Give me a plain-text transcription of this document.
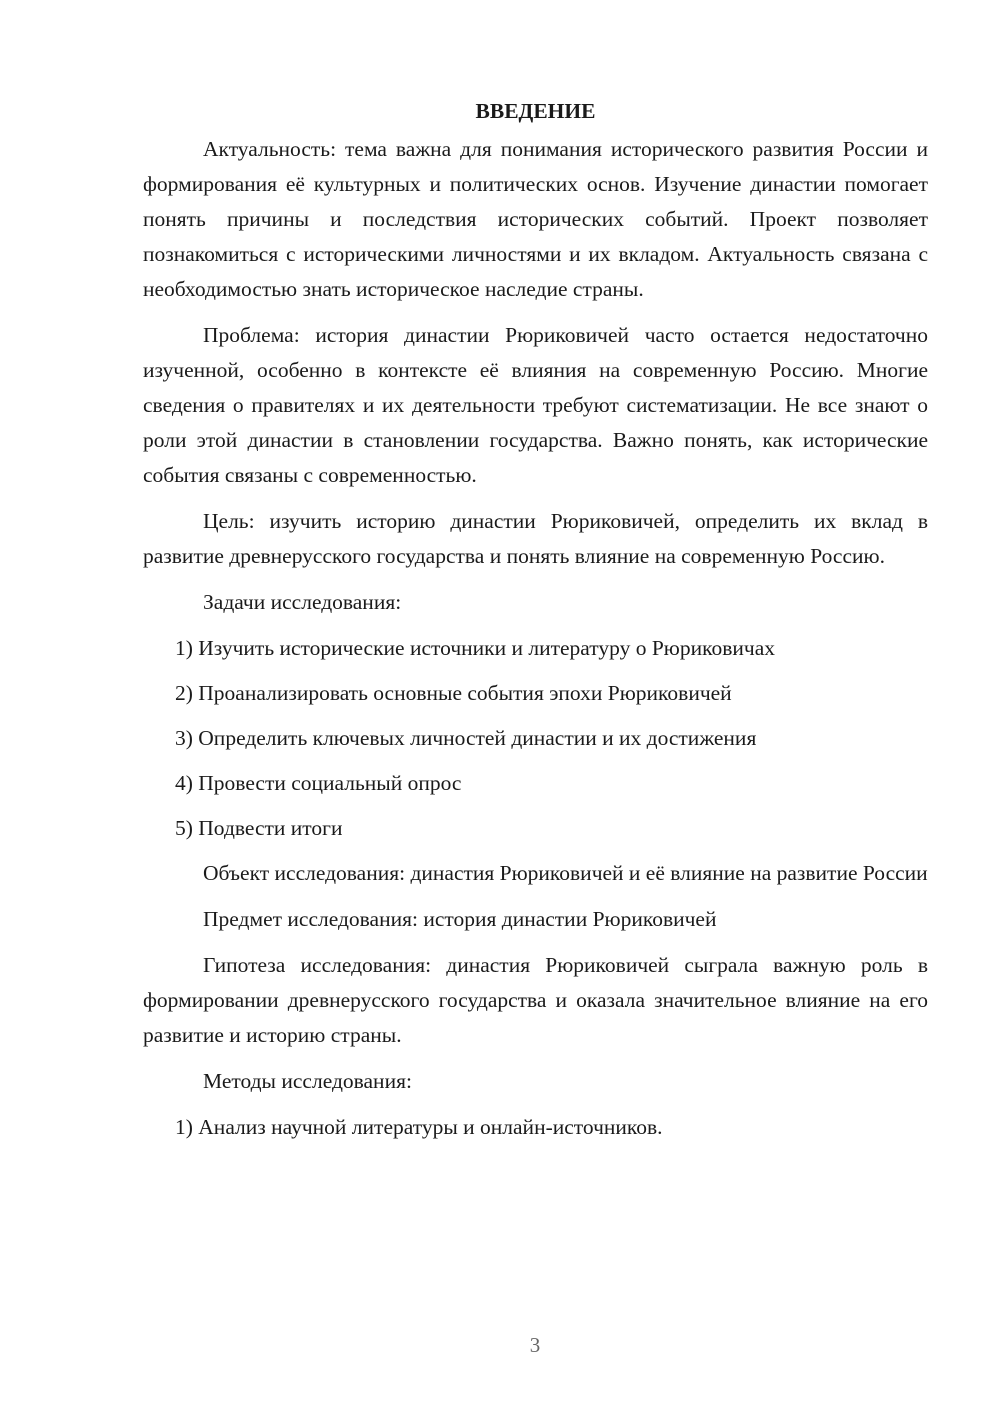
ВВЕДЕНИЕ

Актуальность: тема важна для понимания исторического развития России и формирования её культурных и политических основ. Изучение династии помогает понять причины и последствия исторических событий. Проект позволяет познакомиться с историческими личностями и их вкладом. Актуальность связана с необходимостью знать историческое наследие страны.

Проблема: история династии Рюриковичей часто остается недостаточно изученной, особенно в контексте её влияния на современную Россию. Многие сведения о правителях и их деятельности требуют систематизации. Не все знают о роли этой династии в становлении государства. Важно понять, как исторические события связаны с современностью.

Цель: изучить историю династии Рюриковичей, определить их вклад в развитие древнерусского государства и понять влияние на современную Россию.

Задачи исследования:

1) Изучить исторические источники и литературу о Рюриковичах
2) Проанализировать основные события эпохи Рюриковичей
3) Определить ключевых личностей династии и их достижения
4) Провести социальный опрос
5) Подвести итоги

Объект исследования: династия Рюриковичей и её влияние на развитие России

Предмет исследования: история династии Рюриковичей

Гипотеза исследования: династия Рюриковичей сыграла важную роль в формировании древнерусского государства и оказала значительное влияние на его развитие и историю страны.

Методы исследования:

1) Анализ научной литературы и онлайн-источников.
3
